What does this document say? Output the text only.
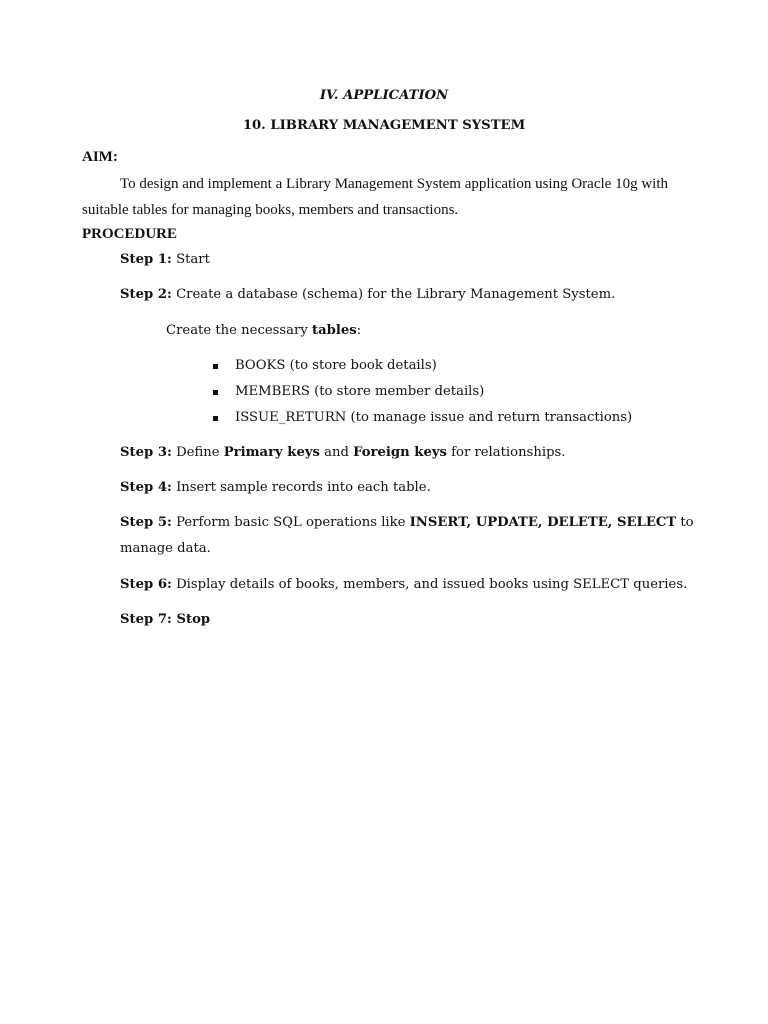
IV. APPLICATION
10. LIBRARY MANAGEMENT SYSTEM
AIM:
To design and implement a Library Management System application using Oracle 10g with
suitable tables for managing books, members and transactions.
PROCEDURE
Step 1: Start
Step 2: Create a database (schema) for the Library Management System.
Create the necessary tables:
BOOKS (to store book details)
MEMBERS (to store member details)
ISSUE_RETURN (to manage issue and return transactions)
Step 3: Define Primary keys and Foreign keys for relationships.
Step 4: Insert sample records into each table.
Step 5: Perform basic SQL operations like INSERT, UPDATE, DELETE, SELECT to
manage data.
Step 6: Display details of books, members, and issued books using SELECT queries.
Step 7: Stop
